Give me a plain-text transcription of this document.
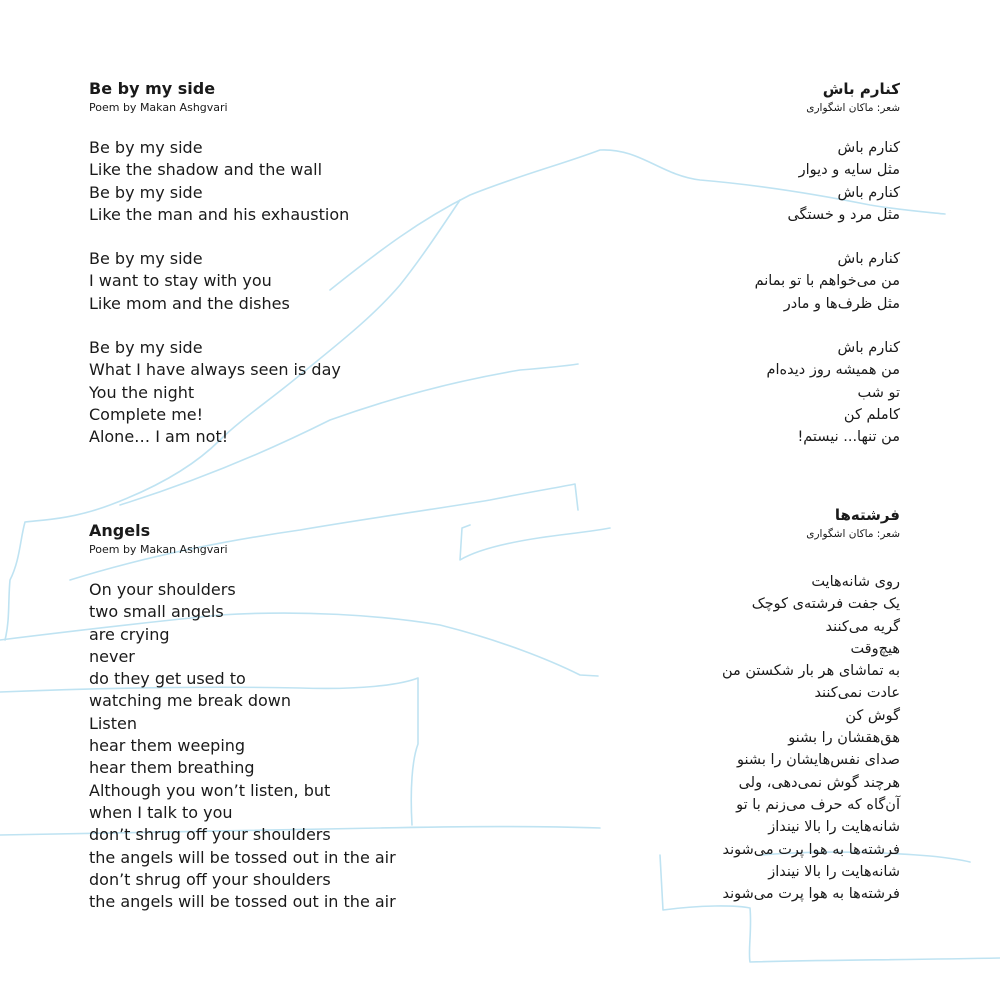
Be by my side
Poem by Makan Ashgvari
Be by my side
Like the shadow and the wall
Be by my side
Like the man and his exhaustion
Be by my side
I want to stay with you
Like mom and the dishes
Be by my side
What I have always seen is day
You the night
Complete me!
Alone… I am not!
کنارم باش
شعر: ماکان اشگواری
کنارم باش
مثل سایه و دیوار
کنارم باش
مثل مرد و خستگی
کنارم باش
من می‌خواهم با تو بمانم
مثل ظرف‌ها و مادر
کنارم باش
من همیشه روز دیده‌ام
تو شب
کاملم کن
من تنها... نیستم!
Angels
Poem by Makan Ashgvari
On your shoulders
two small angels
are crying
never
do they get used to
watching me break down
Listen
hear them weeping
hear them breathing
Although you won’t listen, but
when I talk to you
don’t shrug off your shoulders
the angels will be tossed out in the air
don’t shrug off your shoulders
the angels will be tossed out in the air
فرشته‌ها
شعر: ماکان اشگواری
روی شانه‌هایت
یک جفت فرشته‌ی کوچک
گریه می‌کنند
هیچ‌وقت
به تماشای هر بار شکستن من
عادت نمی‌کنند
گوش کن
هق‌هقشان را بشنو
صدای نفس‌هایشان را بشنو
هرچند گوش نمی‌دهی، ولی
آن‌گاه که حرف می‌زنم با تو
شانه‌هایت را بالا نینداز
فرشته‌ها به هوا پرت می‌شوند
شانه‌هایت را بالا نینداز
فرشته‌ها به هوا پرت می‌شوند
